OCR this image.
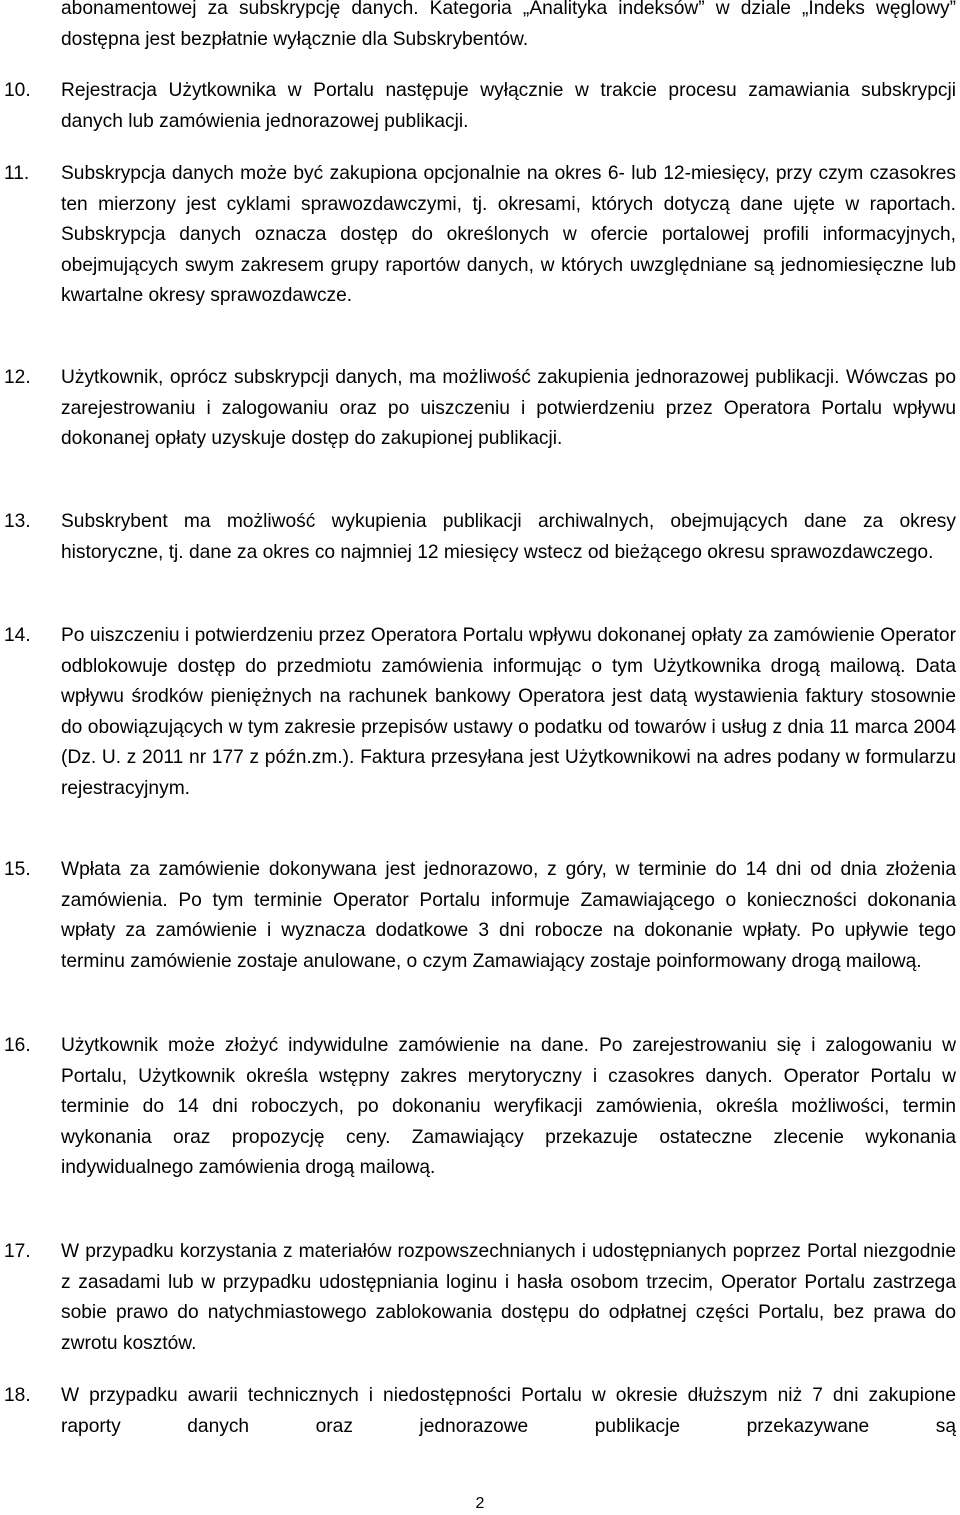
abonamentowej za subskrypcję danych. Kategoria „Analityka indeksów” w dziale „Indeks węglowy” dostępna jest bezpłatnie wyłącznie dla Subskrybentów.
10. Rejestracja Użytkownika w Portalu następuje wyłącznie w trakcie procesu zamawiania subskrypcji danych lub zamówienia jednorazowej publikacji.
11. Subskrypcja danych może być zakupiona opcjonalnie na okres 6- lub 12-miesięcy, przy czym czasokres ten mierzony jest cyklami sprawozdawczymi, tj. okresami, których dotyczą dane ujęte w raportach. Subskrypcja danych oznacza dostęp do określonych w ofercie portalowej profili informacyjnych, obejmujących swym zakresem grupy raportów danych, w których uwzględniane są jednomiesięczne lub kwartalne okresy sprawozdawcze.
12. Użytkownik, oprócz subskrypcji danych, ma możliwość zakupienia jednorazowej publikacji. Wówczas po zarejestrowaniu i zalogowaniu oraz po uiszczeniu i potwierdzeniu przez Operatora Portalu wpływu dokonanej opłaty uzyskuje dostęp do zakupionej publikacji.
13. Subskrybent ma możliwość wykupienia publikacji archiwalnych, obejmujących dane za okresy historyczne, tj. dane za okres co najmniej 12 miesięcy wstecz od bieżącego okresu sprawozdawczego.
14. Po uiszczeniu i potwierdzeniu przez Operatora Portalu wpływu dokonanej opłaty za zamówienie Operator odblokowuje dostęp do przedmiotu zamówienia informując o tym Użytkownika drogą mailową. Data wpływu środków pieniężnych na rachunek bankowy Operatora jest datą wystawienia faktury stosownie do obowiązujących w tym zakresie przepisów ustawy o podatku od towarów i usług z dnia 11 marca 2004 (Dz. U. z 2011 nr 177 z późn.zm.). Faktura przesyłana jest Użytkownikowi na adres podany w formularzu rejestracyjnym.
15. Wpłata za zamówienie dokonywana jest jednorazowo, z góry, w terminie do 14 dni od dnia złożenia zamówienia. Po tym terminie Operator Portalu informuje Zamawiającego o konieczności dokonania wpłaty za zamówienie i wyznacza dodatkowe 3 dni robocze na dokonanie wpłaty. Po upływie tego terminu zamówienie zostaje anulowane, o czym Zamawiający zostaje poinformowany drogą mailową.
16. Użytkownik może złożyć indywidulne zamówienie na dane. Po zarejestrowaniu się i zalogowaniu w Portalu, Użytkownik określa wstępny zakres merytoryczny i czasokres danych. Operator Portalu w terminie do 14 dni roboczych, po dokonaniu weryfikacji zamówienia, określa możliwości, termin wykonania oraz propozycję ceny. Zamawiający przekazuje ostateczne zlecenie wykonania indywidualnego zamówienia drogą mailową.
17. W przypadku korzystania z materiałów rozpowszechnianych i udostępnianych poprzez Portal niezgodnie z zasadami lub w przypadku udostępniania loginu i hasła osobom trzecim, Operator Portalu zastrzega sobie prawo do natychmiastowego zablokowania dostępu do odpłatnej części Portalu, bez prawa do zwrotu kosztów.
18. W przypadku awarii technicznych i niedostępności Portalu w okresie dłuższym niż 7 dni zakupione raporty danych oraz jednorazowe publikacje przekazywane są
2
